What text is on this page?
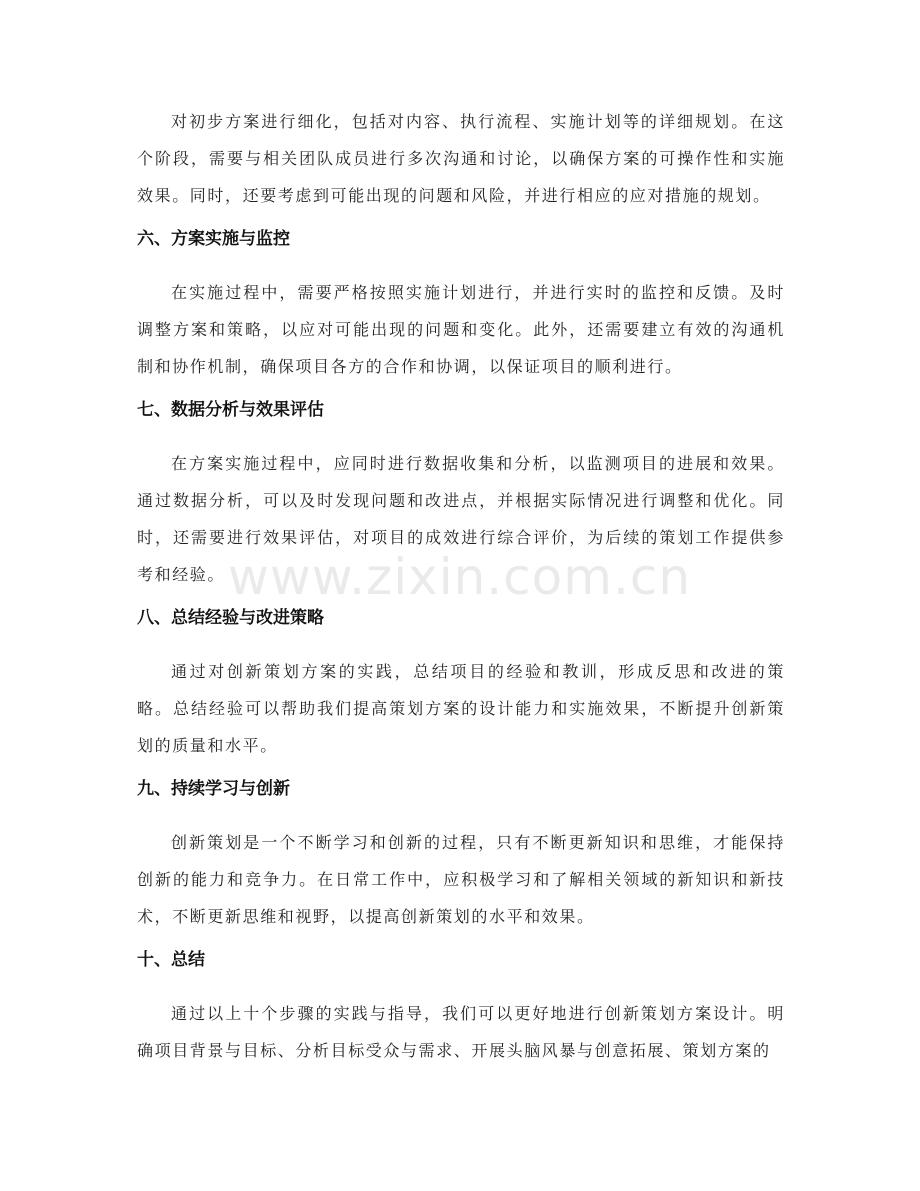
对初步方案进行细化，包括对内容、执行流程、实施计划等的详细规划。在这个阶段，需要与相关团队成员进行多次沟通和讨论，以确保方案的可操作性和实施效果。同时，还要考虑到可能出现的问题和风险，并进行相应的应对措施的规划。

六、方案实施与监控

在实施过程中，需要严格按照实施计划进行，并进行实时的监控和反馈。及时调整方案和策略，以应对可能出现的问题和变化。此外，还需要建立有效的沟通机制和协作机制，确保项目各方的合作和协调，以保证项目的顺利进行。

七、数据分析与效果评估

在方案实施过程中，应同时进行数据收集和分析，以监测项目的进展和效果。通过数据分析，可以及时发现问题和改进点，并根据实际情况进行调整和优化。同时，还需要进行效果评估，对项目的成效进行综合评价，为后续的策划工作提供参考和经验。

八、总结经验与改进策略

通过对创新策划方案的实践，总结项目的经验和教训，形成反思和改进的策略。总结经验可以帮助我们提高策划方案的设计能力和实施效果，不断提升创新策划的质量和水平。

九、持续学习与创新

创新策划是一个不断学习和创新的过程，只有不断更新知识和思维，才能保持创新的能力和竞争力。在日常工作中，应积极学习和了解相关领域的新知识和新技术，不断更新思维和视野，以提高创新策划的水平和效果。

十、总结

通过以上十个步骤的实践与指导，我们可以更好地进行创新策划方案设计。明确项目背景与目标、分析目标受众与需求、开展头脑风暴与创意拓展、策划方案的

www.zixin.com.cn
